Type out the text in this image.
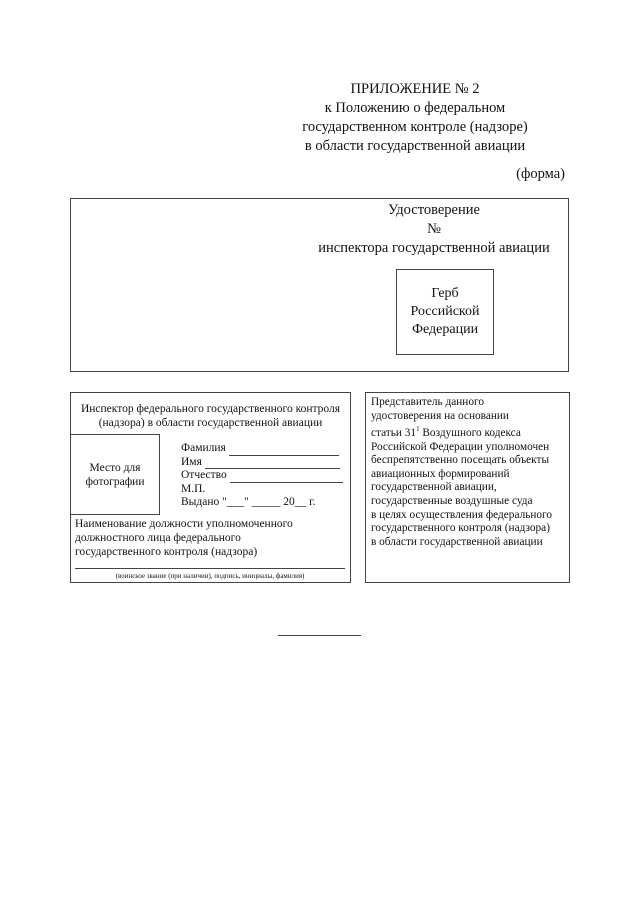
ПРИЛОЖЕНИЕ № 2
к Положению о федеральном
государственном контроле (надзоре)
в области государственной авиации
(форма)
Удостоверение
№
инспектора государственной авиации
Герб
Российской
Федерации
Инспектор федерального государственного контроля
(надзора) в области государственной авиации
Место для
фотографии
Фамилия
Имя
Отчество
М.П.
Выдано "___" _____ 20__ г.
Наименование должности уполномоченного
должностного лица федерального
государственного контроля (надзора)
(воинское звание (при наличии), подпись, инициалы, фамилия)
Представитель данного
удостоверения на основании
статьи $31^1$ Воздушного кодекса
Российской Федерации уполномочен
беспрепятственно посещать объекты
авиационных формирований
государственной авиации,
государственные воздушные суда
в целях осуществления федерального
государственного контроля (надзора)
в области государственной авиации
